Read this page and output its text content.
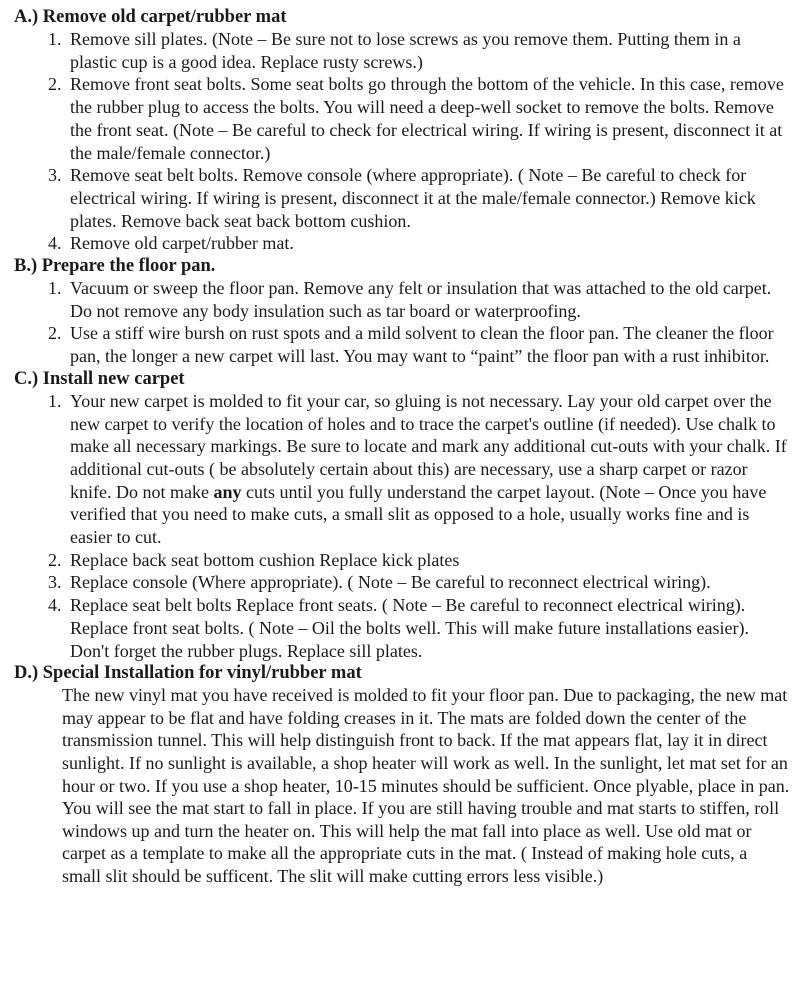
A.) Remove old carpet/rubber mat
1. Remove sill plates. (Note – Be sure not to lose screws as you remove them. Putting them in a plastic cup is a good idea. Replace rusty screws.)
2. Remove front seat bolts. Some seat bolts go through the bottom of the vehicle. In this case, remove the rubber plug to access the bolts. You will need a deep-well socket to remove the bolts. Remove the front seat. (Note – Be careful to check for electrical wiring. If wiring is present, disconnect it at the male/female connector.)
3. Remove seat belt bolts. Remove console (where appropriate). ( Note – Be careful to check for electrical wiring. If wiring is present, disconnect it at the male/female connector.) Remove kick plates. Remove back seat back bottom cushion.
4. Remove old carpet/rubber mat.
B.) Prepare the floor pan.
1. Vacuum or sweep the floor pan. Remove any felt or insulation that was attached to the old carpet. Do not remove any body insulation such as tar board or waterproofing.
2. Use a stiff wire bursh on rust spots and a mild solvent to clean the floor pan. The cleaner the floor pan, the longer a new carpet will last. You may want to “paint” the floor pan with a rust inhibitor.
C.) Install new carpet
1. Your new carpet is molded to fit your car, so gluing is not necessary. Lay your old carpet over the new carpet to verify the location of holes and to trace the carpet's outline (if needed). Use chalk to make all necessary markings. Be sure to locate and mark any additional cut-outs with your chalk. If additional cut-outs ( be absolutely certain about this) are necessary, use a sharp carpet or razor knife. Do not make any cuts until you fully understand the carpet layout. (Note – Once you have verified that you need to make cuts, a small slit as opposed to a hole, usually works fine and is easier to cut.
2. Replace back seat bottom cushion Replace kick plates
3. Replace console (Where appropriate). ( Note – Be careful to reconnect electrical wiring).
4. Replace seat belt bolts Replace front seats. ( Note – Be careful to reconnect electrical wiring). Replace front seat bolts. ( Note – Oil the bolts well. This will make future installations easier). Don't forget the rubber plugs. Replace sill plates.
D.) Special Installation for vinyl/rubber mat

The new vinyl mat you have received is molded to fit your floor pan. Due to packaging, the new mat may appear to be flat and have folding creases in it. The mats are folded down the center of the transmission tunnel. This will help distinguish front to back. If the mat appears flat, lay it in direct sunlight. If no sunlight is available, a shop heater will work as well. In the sunlight, let mat set for an hour or two. If you use a shop heater, 10-15 minutes should be sufficient. Once plyable, place in pan. You will see the mat start to fall in place. If you are still having trouble and mat starts to stiffen, roll windows up and turn the heater on. This will help the mat fall into place as well. Use old mat or carpet as a template to make all the appropriate cuts in the mat. ( Instead of making hole cuts, a small slit should be sufficent. The slit will make cutting errors less visible.)
